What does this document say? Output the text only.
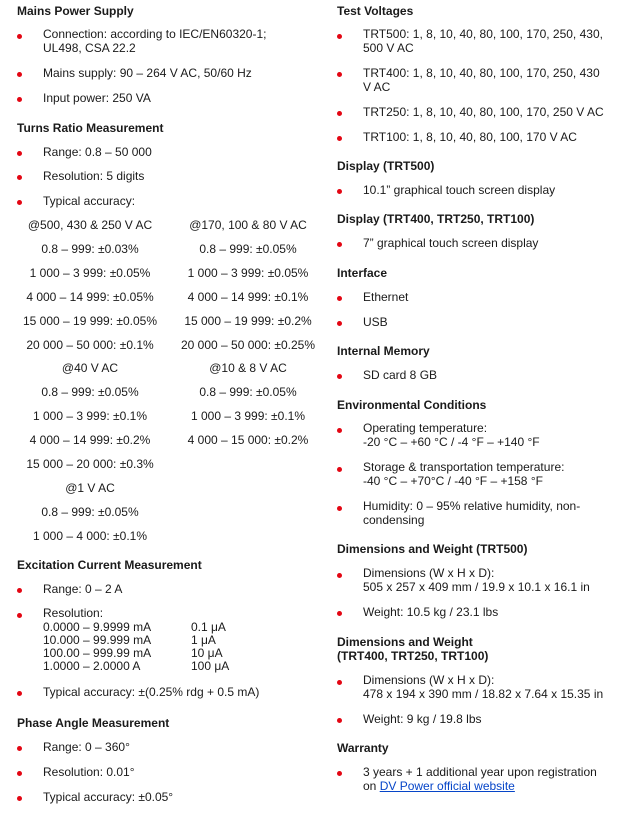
Mains Power Supply
Connection: according to IEC/EN60320-1;
UL498, CSA 22.2
Mains supply: 90 – 264 V AC, 50/60 Hz
Input power: 250 VA
Turns Ratio Measurement
Range: 0.8 – 50 000
Resolution: 5 digits
Typical accuracy:
@500, 430 & 250 V AC	@170, 100 & 80 V AC
0.8 – 999: ±0.03%
1 000 – 3 999: ±0.05%
4 000 – 14 999: ±0.05%
15 000 – 19 999: ±0.05%
20 000 – 50 000: ±0.1%
0.8 – 999: ±0.05%
1 000 – 3 999: ±0.05%
4 000 – 14 999: ±0.1%
15 000 – 19 999: ±0.2%
20 000 – 50 000: ±0.25%
@40 V AC	@10 & 8 V AC
0.8 – 999: ±0.05%
1 000 – 3 999: ±0.1%
4 000 – 14 999: ±0.2%
15 000 – 20 000: ±0.3%
0.8 – 999: ±0.05%
1 000 – 3 999: ±0.1%
4 000 – 15 000: ±0.2%
@1 V AC
0.8 – 999: ±0.05%
1 000 – 4 000: ±0.1%
Excitation Current Measurement
Range: 0 – 2 A
Resolution:
0.0000 – 9.9999 mA
10.000 – 99.999 mA
100.00 – 999.99 mA
1.0000 – 2.0000 A
0.1 μA
1 μA
10 μA
100 μA
Typical accuracy: ±(0.25% rdg + 0.5 mA)
Phase Angle Measurement
Range: 0 – 360°
Resolution: 0.01°
Typical accuracy: ±0.05°
Test Voltages
TRT500: 1, 8, 10, 40, 80, 100, 170, 250, 430,
500 V AC
TRT400: 1, 8, 10, 40, 80, 100, 170, 250, 430
V AC
TRT250: 1, 8, 10, 40, 80, 100, 170, 250 V AC
TRT100: 1, 8, 10, 40, 80, 100, 170 V AC
Display (TRT500)
10.1” graphical touch screen display
Display (TRT400, TRT250, TRT100)
7” graphical touch screen display
Interface
Ethernet
USB
Internal Memory
SD card 8 GB
Environmental Conditions
Operating temperature:
-20 °C – +60 °C / -4 °F – +140 °F
Storage & transportation temperature:
-40 °C – +70°C / -40 °F – +158 °F
Humidity: 0 – 95% relative humidity, non-
condensing
Dimensions and Weight (TRT500)
Dimensions (W x H x D):
505 x 257 x 409 mm / 19.9 x 10.1 x 16.1 in
Weight: 10.5 kg / 23.1 lbs
Dimensions and Weight
(TRT400, TRT250, TRT100)
Dimensions (W x H x D):
478 x 194 x 390 mm / 18.82 x 7.64 x 15.35 in
Weight: 9 kg / 19.8 lbs
Warranty
3 years + 1 additional year upon registration
on DV Power official website
